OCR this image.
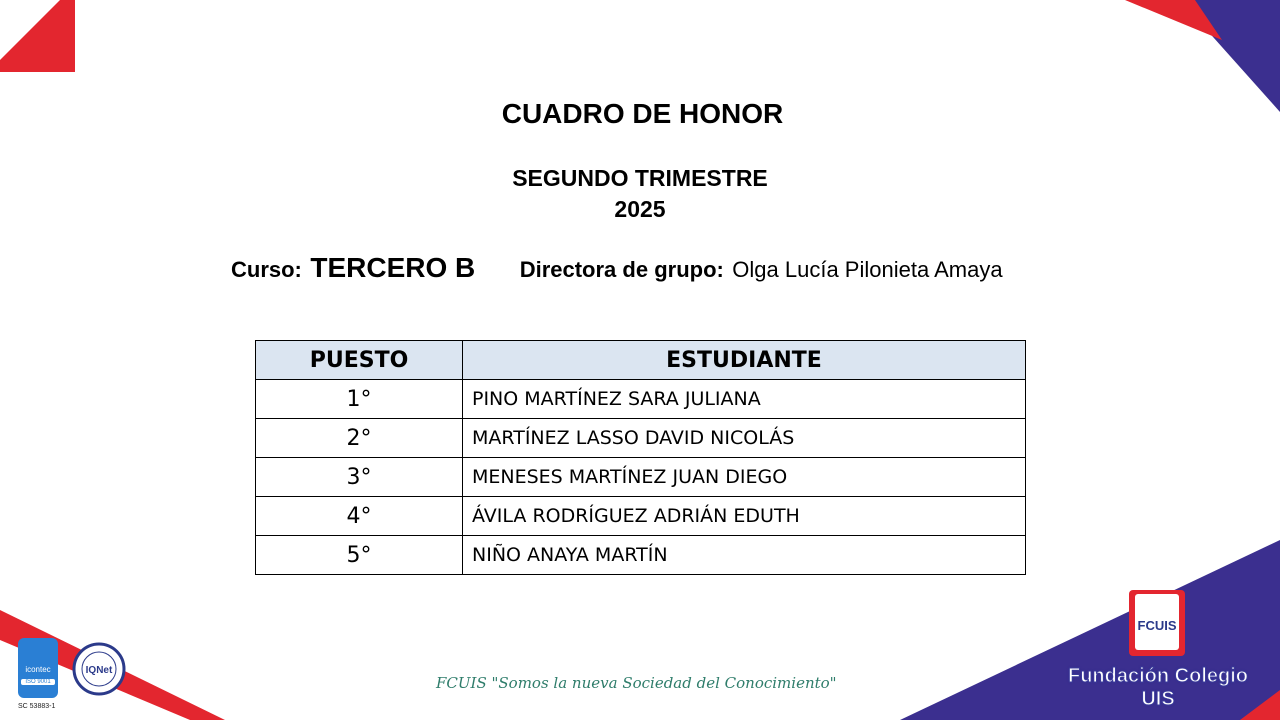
CUADRO DE HONOR
SEGUNDO TRIMESTRE
2025
Curso: TERCERO B Directora de grupo: Olga Lucía Pilonieta Amaya
PUESTO	ESTUDIANTE
1°	PINO MARTÍNEZ SARA JULIANA
2°	MARTÍNEZ LASSO DAVID NICOLÁS
3°	MENESES MARTÍNEZ JUAN DIEGO
4°	ÁVILA RODRÍGUEZ ADRIÁN EDUTH
5°	NIÑO ANAYA MARTÍN
icontec
ISO 9001
IQNet
SC 53883-1
FCUIS "Somos la nueva Sociedad del Conocimiento"
FCUIS
Fundación Colegio UIS
